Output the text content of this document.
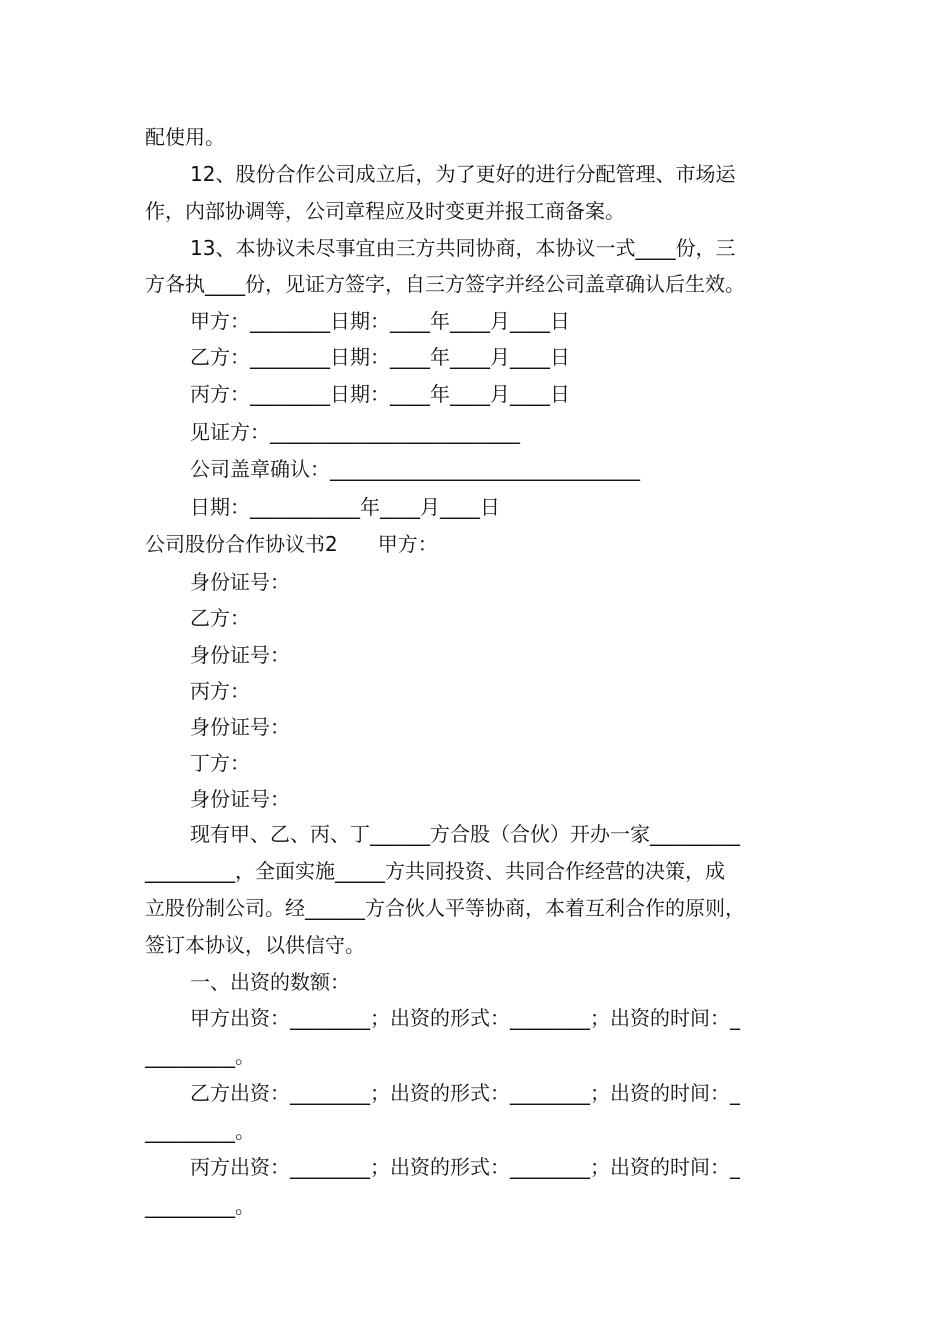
配使用。
12、股份合作公司成立后，为了更好的进行分配管理、市场运
作，内部协调等，公司章程应及时变更并报工商备案。
13、本协议未尽事宜由三方共同协商，本协议一式____份，三
方各执____份，见证方签字，自三方签字并经公司盖章确认后生效。
甲方：________日期：____年____月____日
乙方：________日期：____年____月____日
丙方：________日期：____年____月____日
见证方：_________________________
公司盖章确认：_______________________________
日期：___________年____月____日
公司股份合作协议书2　　甲方：
身份证号：
乙方：
身份证号：
丙方：
身份证号：
丁方：
身份证号：
现有甲、乙、丙、丁______方合股（合伙）开办一家_________
_________，全面实施_____方共同投资、共同合作经营的决策，成
立股份制公司。经______方合伙人平等协商，本着互利合作的原则，
签订本协议，以供信守。
一、出资的数额：
甲方出资：________；出资的形式：________；出资的时间：_
_________。
乙方出资：________；出资的形式：________；出资的时间：_
_________。
丙方出资：________；出资的形式：________；出资的时间：_
_________。
